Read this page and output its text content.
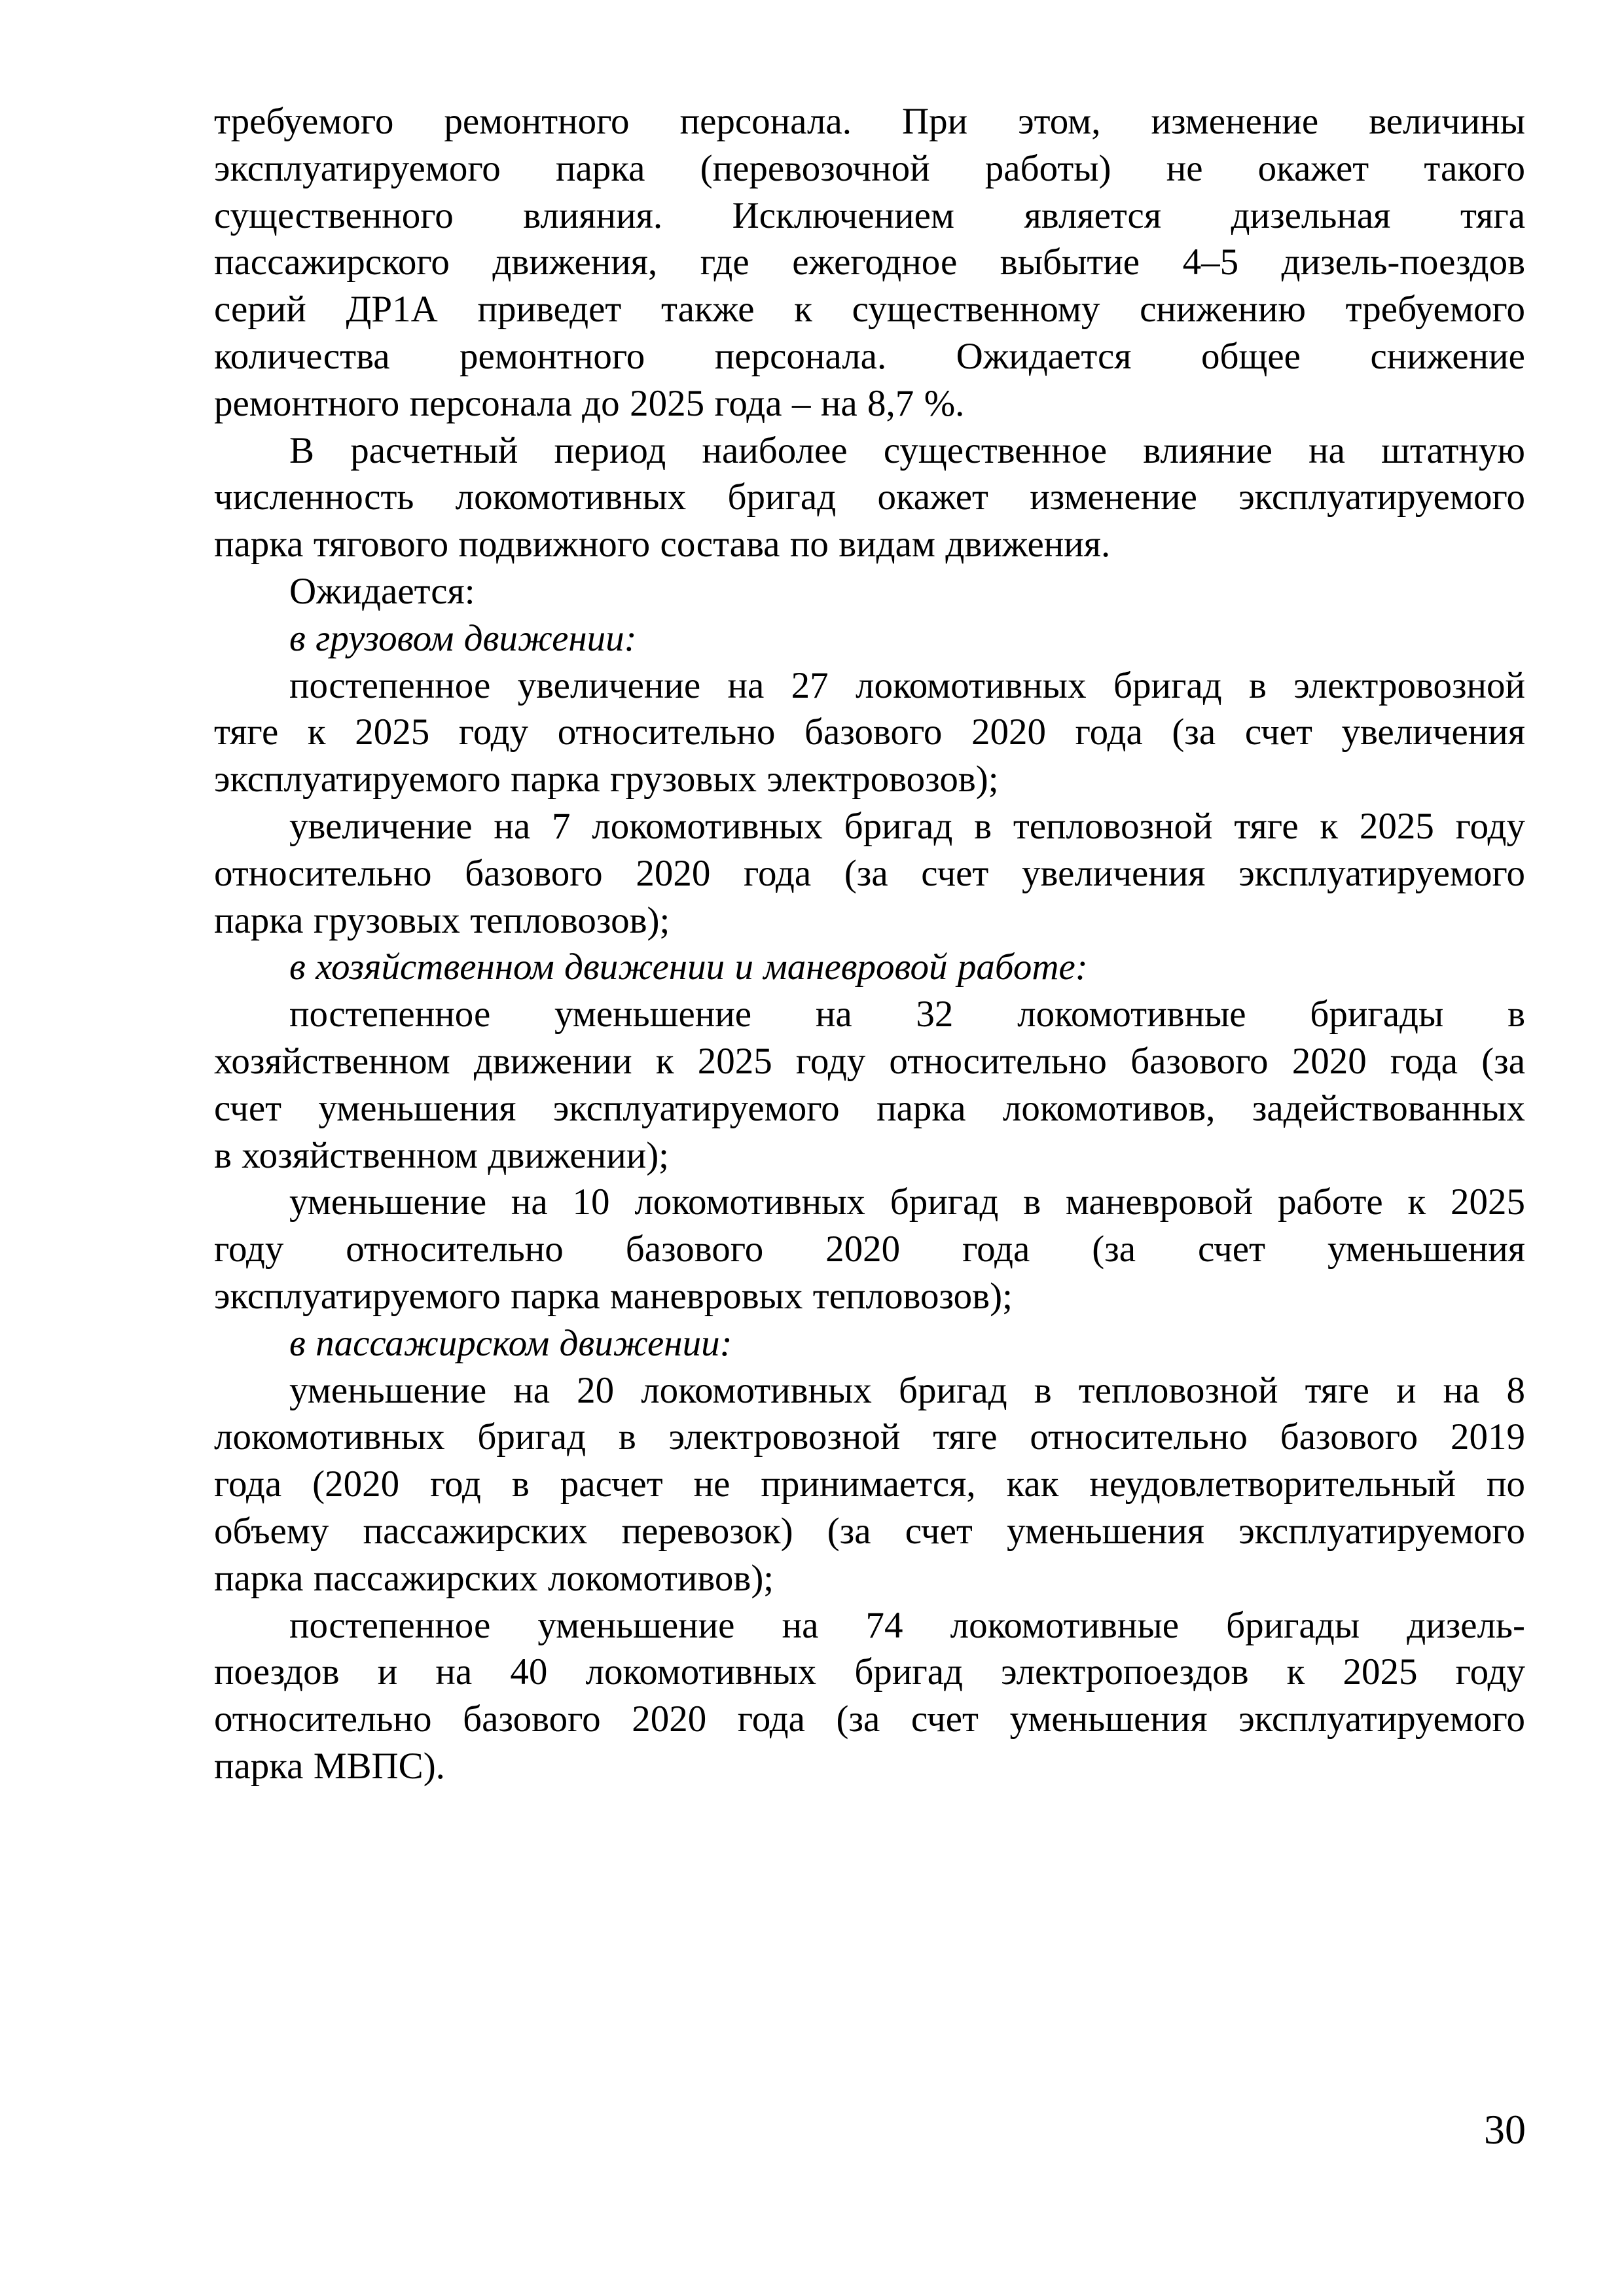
требуемого ремонтного персонала. При этом, изменение величины
эксплуатируемого парка (перевозочной работы) не окажет такого
существенного влияния. Исключением является дизельная тяга
пассажирского движения, где ежегодное выбытие 4–5 дизель-поездов
серий ДР1А приведет также к существенному снижению требуемого
количества ремонтного персонала. Ожидается общее снижение
ремонтного персонала до 2025 года – на 8,7 %.

В расчетный период наиболее существенное влияние на штатную
численность локомотивных бригад окажет изменение эксплуатируемого
парка тягового подвижного состава по видам движения.

Ожидается:

в грузовом движении:

постепенное увеличение на 27 локомотивных бригад в электровозной
тяге к 2025 году относительно базового 2020 года (за счет увеличения
эксплуатируемого парка грузовых электровозов);

увеличение на 7 локомотивных бригад в тепловозной тяге к 2025 году
относительно базового 2020 года (за счет увеличения эксплуатируемого
парка грузовых тепловозов);

в хозяйственном движении и маневровой работе:

постепенное уменьшение на 32 локомотивные бригады в
хозяйственном движении к 2025 году относительно базового 2020 года (за
счет уменьшения эксплуатируемого парка локомотивов, задействованных
в хозяйственном движении);

уменьшение на 10 локомотивных бригад в маневровой работе к 2025
году относительно базового 2020 года (за счет уменьшения
эксплуатируемого парка маневровых тепловозов);

в пассажирском движении:

уменьшение на 20 локомотивных бригад в тепловозной тяге и на 8
локомотивных бригад в электровозной тяге относительно базового 2019
года (2020 год в расчет не принимается, как неудовлетворительный по
объему пассажирских перевозок) (за счет уменьшения эксплуатируемого
парка пассажирских локомотивов);

постепенное уменьшение на 74 локомотивные бригады дизель-
поездов и на 40 локомотивных бригад электропоездов к 2025 году
относительно базового 2020 года (за счет уменьшения эксплуатируемого
парка МВПС).

30
